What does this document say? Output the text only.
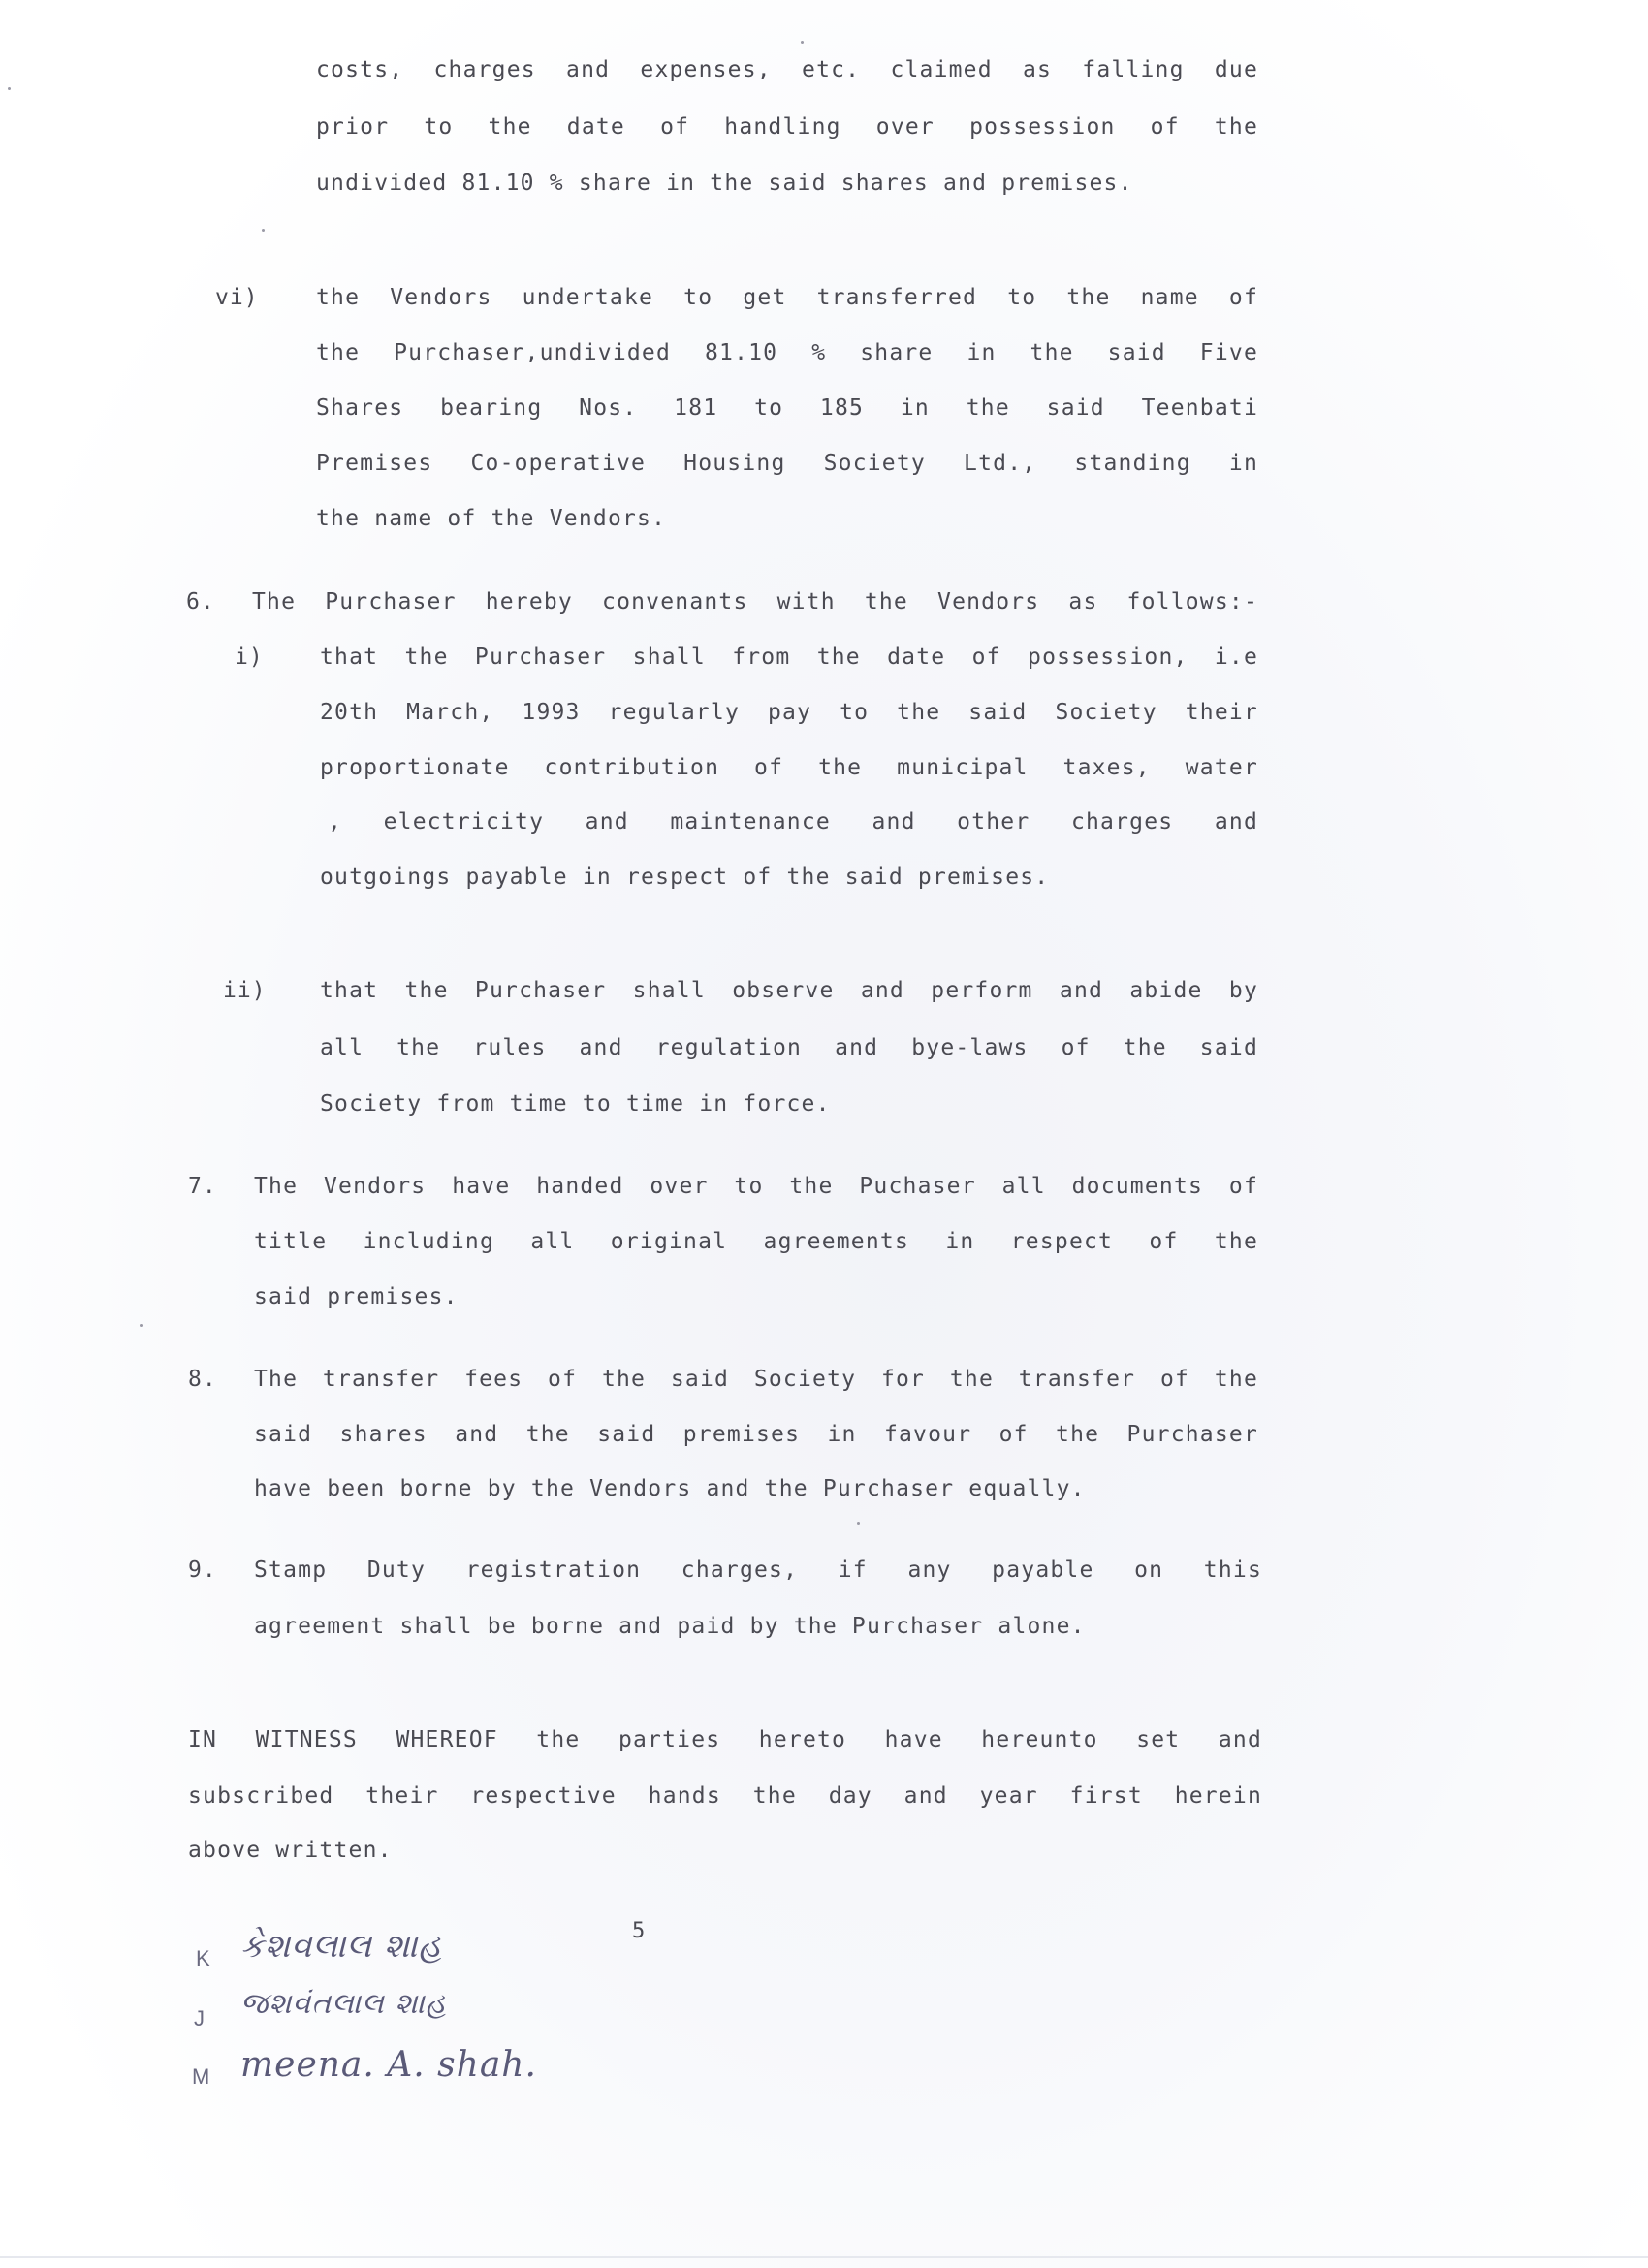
costs, charges and expenses, etc. claimed as falling due
prior to the date of handling over possession of the
undivided 81.10 % share in the said shares and premises.
vi)	the Vendors undertake to get transferred to the name of
the Purchaser,undivided 81.10 % share in the said Five
Shares bearing Nos. 181 to 185 in the said Teenbati
Premises Co-operative Housing Society Ltd., standing in
the name of the Vendors.
6. The Purchaser hereby convenants with the Vendors as follows:-
i)	that the Purchaser shall from the date of possession, i.e
20th March, 1993 regularly pay to the said Society their
proportionate contribution of the municipal taxes, water
, electricity and maintenance and other charges and
outgoings payable in respect of the said premises.
ii) that the Purchaser shall observe and perform and abide by
all the rules and regulation and bye-laws of the said
Society from time to time in force.
7. The Vendors have handed over to the Puchaser all documents of
title including all original agreements in respect of the
said premises.
8. The transfer fees of the said Society for the transfer of the
said shares and the said premises in favour of the Purchaser
have been borne by the Vendors and the Purchaser equally.
9. Stamp Duty registration charges, if any payable on this
agreement shall be borne and paid by the Purchaser alone.
IN WITNESS WHEREOF the parties hereto have hereunto set and
subscribed their respective hands the day and year first herein
above written.
5
K કેશવલાલ શાહ
J જશવંતલાલ શાહ
M meena. A. shah.
